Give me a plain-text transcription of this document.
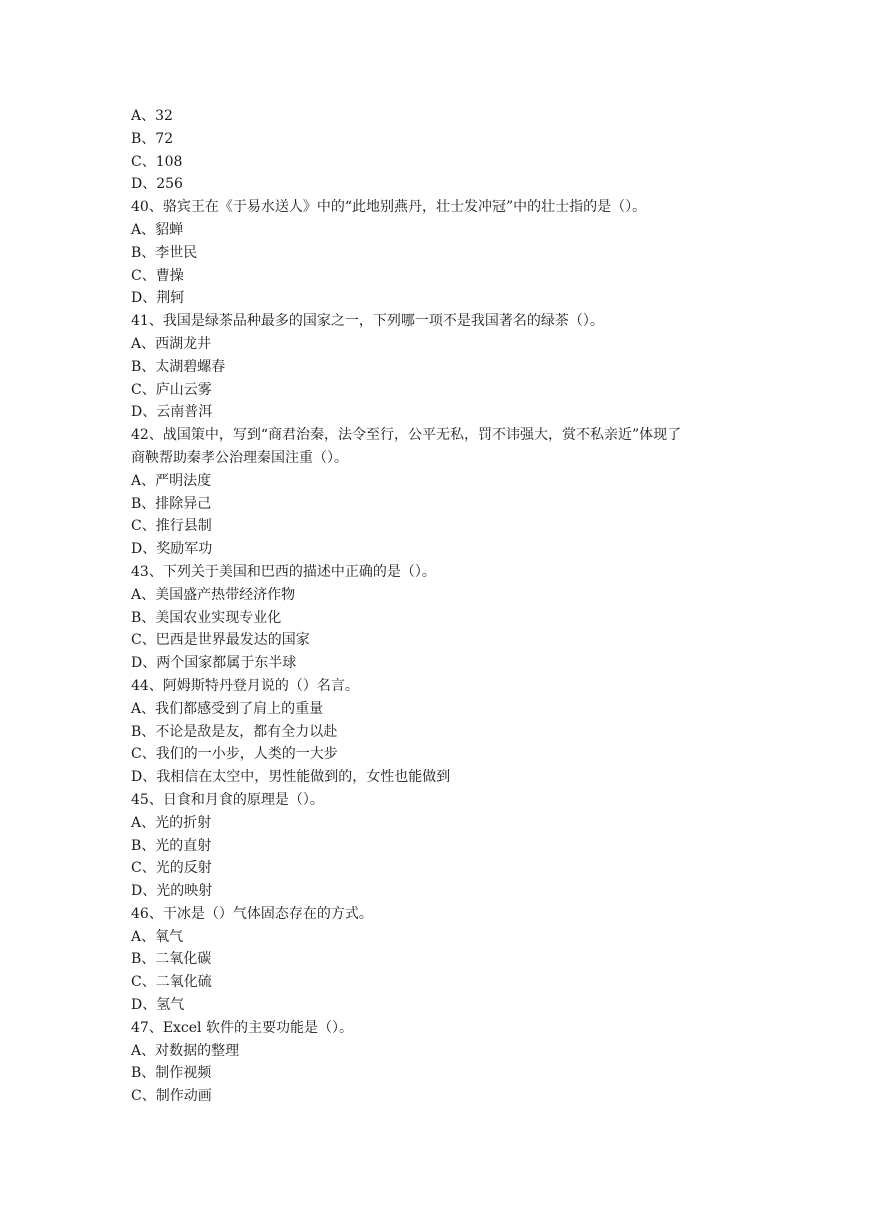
A、32
B、72
C、108
D、256
40、骆宾王在《于易水送人》中的“此地别燕丹，壮士发冲冠”中的壮士指的是（）。
A、貂蝉
B、李世民
C、曹操
D、荆轲
41、我国是绿茶品种最多的国家之一，下列哪一项不是我国著名的绿茶（）。
A、西湖龙井
B、太湖碧螺春
C、庐山云雾
D、云南普洱
42、战国策中，写到“商君治秦，法令至行，公平无私，罚不讳强大，赏不私亲近”体现了
商鞅帮助秦孝公治理秦国注重（）。
A、严明法度
B、排除异己
C、推行县制
D、奖励军功
43、下列关于美国和巴西的描述中正确的是（）。
A、美国盛产热带经济作物
B、美国农业实现专业化
C、巴西是世界最发达的国家
D、两个国家都属于东半球
44、阿姆斯特丹登月说的（）名言。
A、我们都感受到了肩上的重量
B、不论是敌是友，都有全力以赴
C、我们的一小步，人类的一大步
D、我相信在太空中，男性能做到的，女性也能做到
45、日食和月食的原理是（）。
A、光的折射
B、光的直射
C、光的反射
D、光的映射
46、干冰是（）气体固态存在的方式。
A、氧气
B、二氧化碳
C、二氧化硫
D、氢气
47、Excel 软件的主要功能是（）。
A、对数据的整理
B、制作视频
C、制作动画
